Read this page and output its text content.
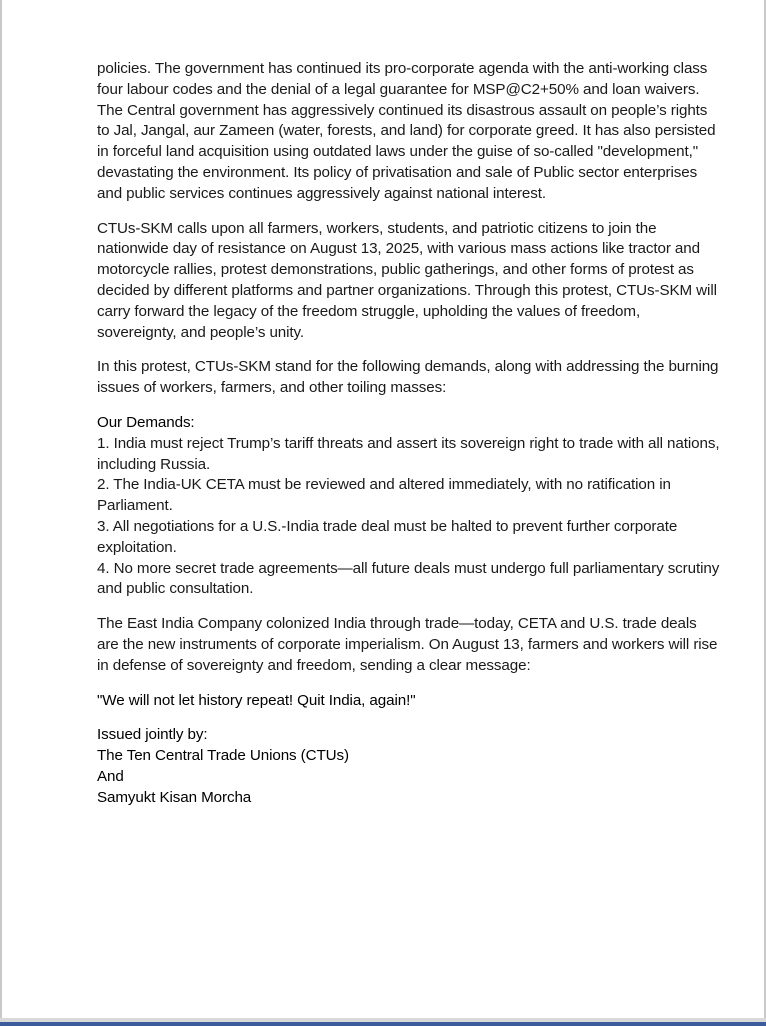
policies. The government has continued its pro-corporate agenda with the anti-working class four labour codes and the denial of a legal guarantee for MSP@C2+50% and loan waivers. The Central government has aggressively continued its disastrous assault on people’s rights to Jal, Jangal, aur Zameen (water, forests, and land) for corporate greed. It has also persisted in forceful land acquisition using outdated laws under the guise of so-called "development," devastating the environment. Its policy of privatisation and sale of Public sector enterprises and public services continues aggressively against national interest.

CTUs-SKM calls upon all farmers, workers, students, and patriotic citizens to join the nationwide day of resistance on August 13, 2025, with various mass actions like tractor and motorcycle rallies, protest demonstrations, public gatherings, and other forms of protest as decided by different platforms and partner organizations. Through this protest, CTUs-SKM will carry forward the legacy of the freedom struggle, upholding the values of freedom, sovereignty, and people’s unity.

In this protest, CTUs-SKM stand for the following demands, along with addressing the burning issues of workers, farmers, and other toiling masses:

Our Demands:
1. India must reject Trump’s tariff threats and assert its sovereign right to trade with all nations, including Russia.
2. The India-UK CETA must be reviewed and altered immediately, with no ratification in Parliament.
3. All negotiations for a U.S.-India trade deal must be halted to prevent further corporate exploitation.
4. No more secret trade agreements—all future deals must undergo full parliamentary scrutiny and public consultation.

The East India Company colonized India through trade—today, CETA and U.S. trade deals are the new instruments of corporate imperialism. On August 13, farmers and workers will rise in defense of sovereignty and freedom, sending a clear message:

"We will not let history repeat! Quit India, again!"

Issued jointly by:
The Ten Central Trade Unions (CTUs)
And
Samyukt Kisan Morcha
